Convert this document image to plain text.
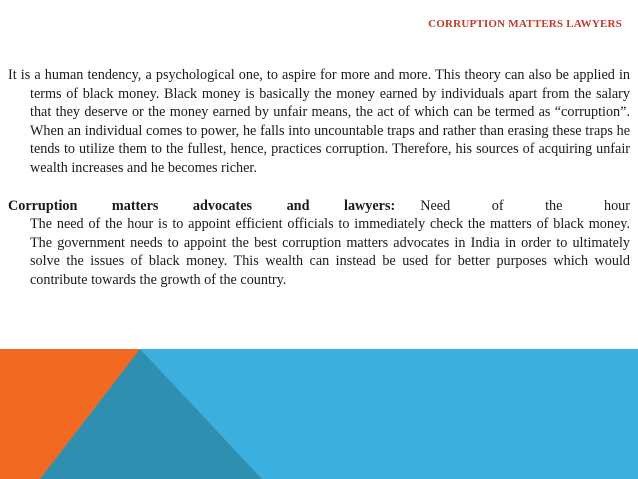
CORRUPTION MATTERS LAWYERS

It is a human tendency, a psychological one, to aspire for more and more. This theory can also be applied in terms of black money. Black money is basically the money earned by individuals apart from the salary that they deserve or the money earned by unfair means, the act of which can be termed as “corruption”. When an individual comes to power, he falls into uncountable traps and rather than erasing these traps he tends to utilize them to the fullest, hence, practices corruption. Therefore, his sources of acquiring unfair wealth increases and he becomes richer.

Corruption matters advocates and lawyers: Need of the hour
The need of the hour is to appoint efficient officials to immediately check the matters of black money. The government needs to appoint the best corruption matters advocates in India in order to ultimately solve the issues of black money. This wealth can instead be used for better purposes which would contribute towards the growth of the country.
